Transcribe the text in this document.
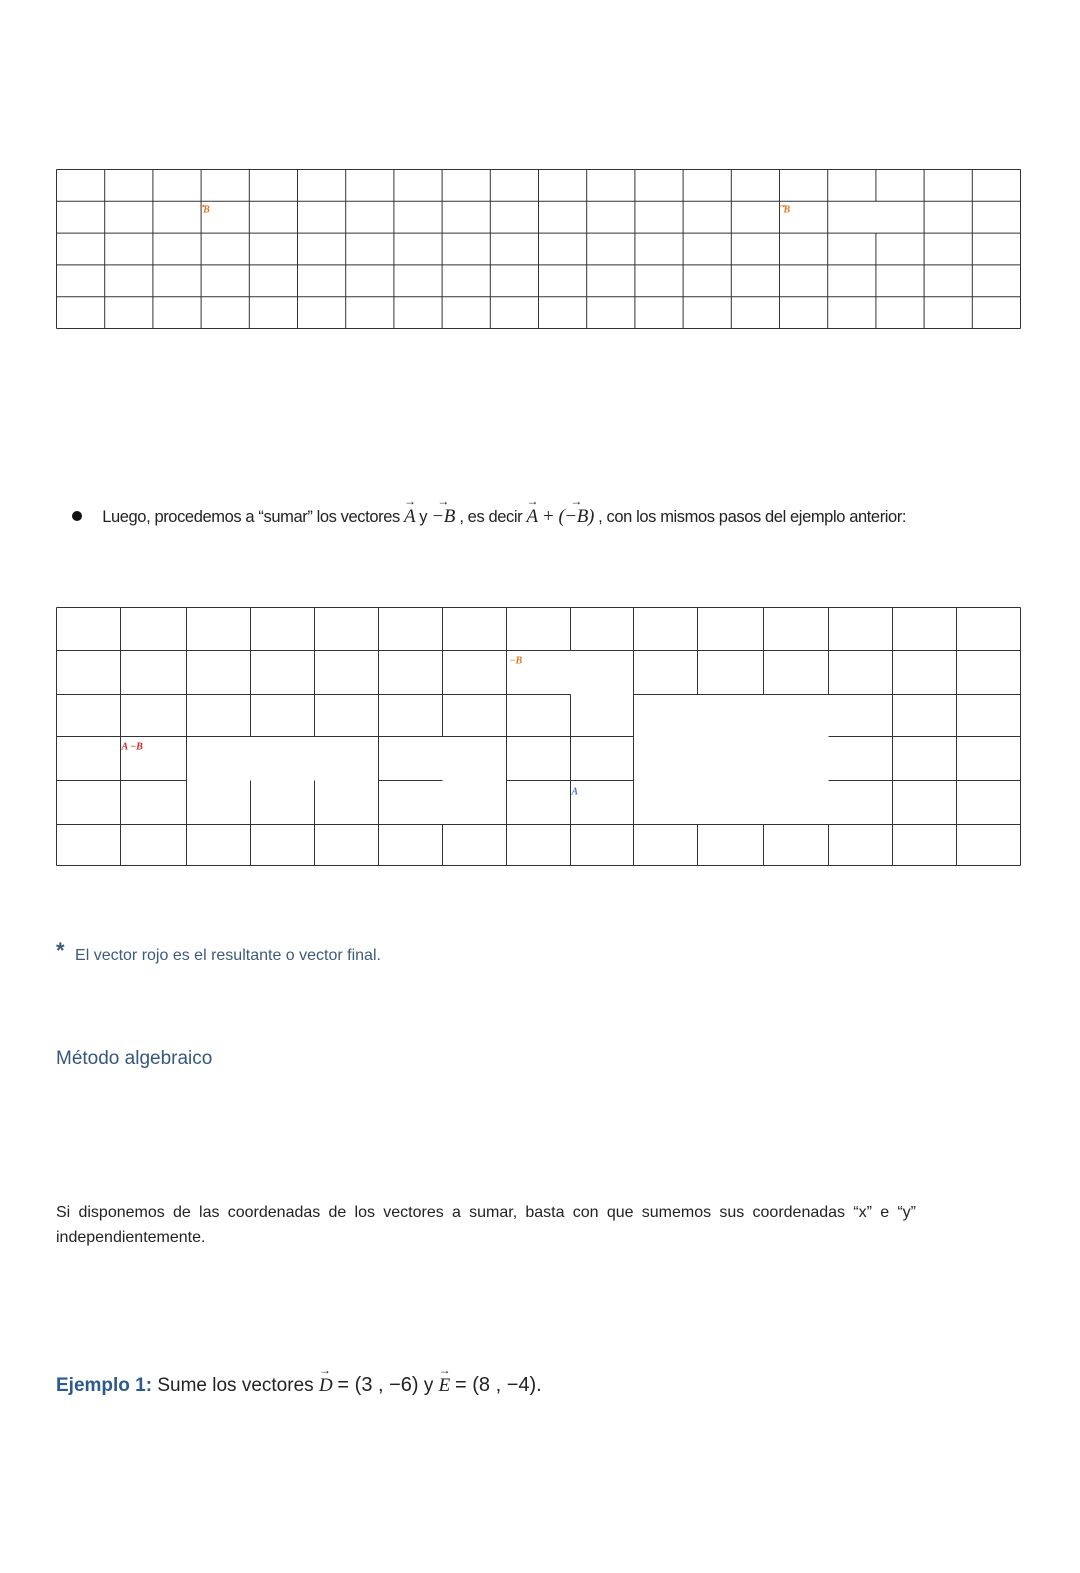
⃗B	⃗B
Luego, procedemos a “sumar” los vectores
→
A y
→
−B , es decir
→
A + (
→
−B) , con los mismos pasos del ejemplo anterior:
−B
A −B
A
* El vector rojo es el resultante o vector final.
Método algebraico
Si disponemos de las coordenadas de los vectores a sumar, basta con que sumemos sus coordenadas “x” e “y” independientemente.
Ejemplo 1: Sume los vectores
→
D = (3 , −6) y
→
E = (8 , −4).
